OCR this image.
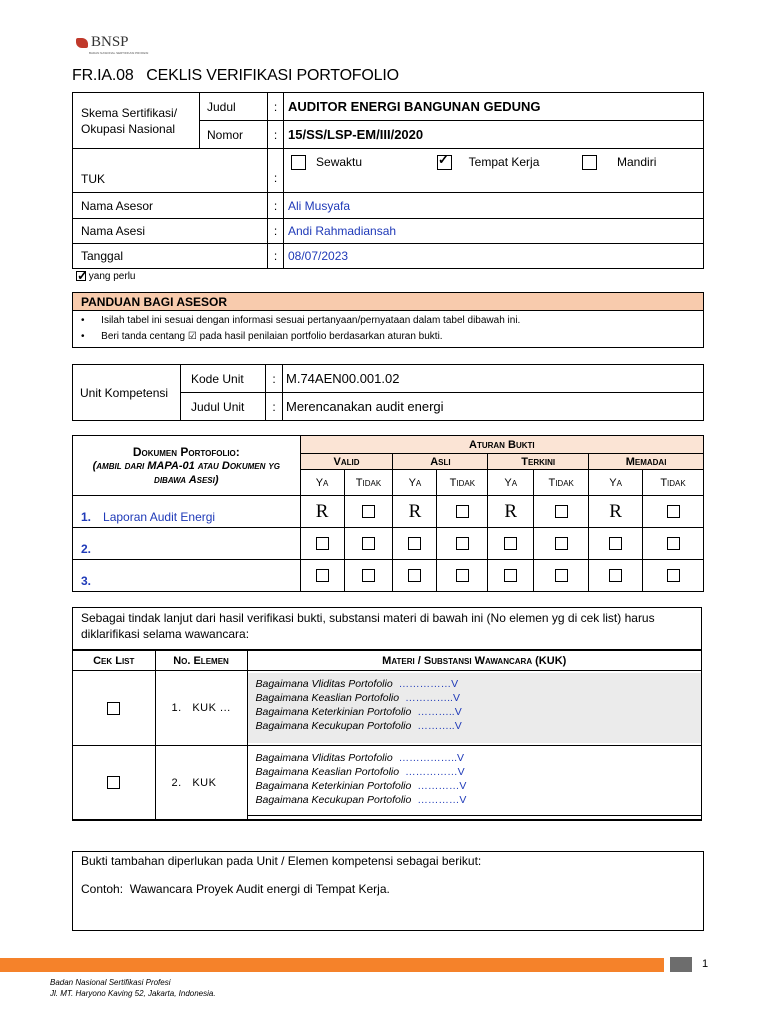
BNSP
BADAN NASIONAL SERTIFIKASI PROFESI
FR.IA.08   CEKLIS VERIFIKASI PORTOFOLIO
Skema Sertifikasi/ Okupasi Nasional	Judul	:	AUDITOR ENERGI BANGUNAN GEDUNG
	Nomor	:	15/SS/LSP-EM/III/2020
TUK		:	Sewaktu ✓ Tempat Kerja Mandiri

Nama Asesor		:	Ali Musyafa
Nama Asesi		:	Andi Rahmadiansah
Tanggal		:	08/07/2023
✓ yang perlu
PANDUAN BAGI ASESOR
•      Isilah tabel ini sesuai dengan informasi sesuai pertanyaan/pernyataan dalam tabel dibawah ini.
•      Beri tanda centang ☑ pada hasil penilaian portfolio berdasarkan aturan bukti.
Unit Kompetensi	Kode Unit	:	M.74AEN00.001.02
	Judul Unit	:	Merencanakan audit energi
Dokumen Portofolio:
(ambil dari MAPA-01 atau Dokumen yg dibawa Asesi)	Aturan Bukti							
	Valid		Asli		Terkini		Memadai	
	Ya	Tidak	Ya	Tidak	Ya	Tidak	Ya	Tidak
1. Laporan Audit Energi	R		R		R		R	
2.								
3.								
Sebagai tindak lanjut dari hasil verifikasi bukti, substansi materi di bawah ini (No elemen yg di cek list) harus diklarifikasi selama wawancara:
Cek List	No. Elemen	Materi / Substansi Wawancara (KUK)
	1.   KUK ...	Bagaimana Vliditas Portofolio ……………V
Bagaimana Keaslian Portofolio …………..V
Bagaimana Keterkinian Portofolio ………..V
Bagaimana Kecukupan Portofolio ………..V

	2.   KUK	Bagaimana Vliditas Portofolio ……………..V
Bagaimana Keaslian Portofolio ……………V
Bagaimana Keterkinian Portofolio …………V
Bagaimana Kecukupan Portofolio …………V
Bukti tambahan diperlukan pada Unit / Elemen kompetensi sebagai berikut:
Contoh:  Wawancara Proyek Audit energi di Tempat Kerja.
1
Badan Nasional Sertifikasi Profesi
Jl. MT. Haryono Kaving 52, Jakarta, Indonesia.
